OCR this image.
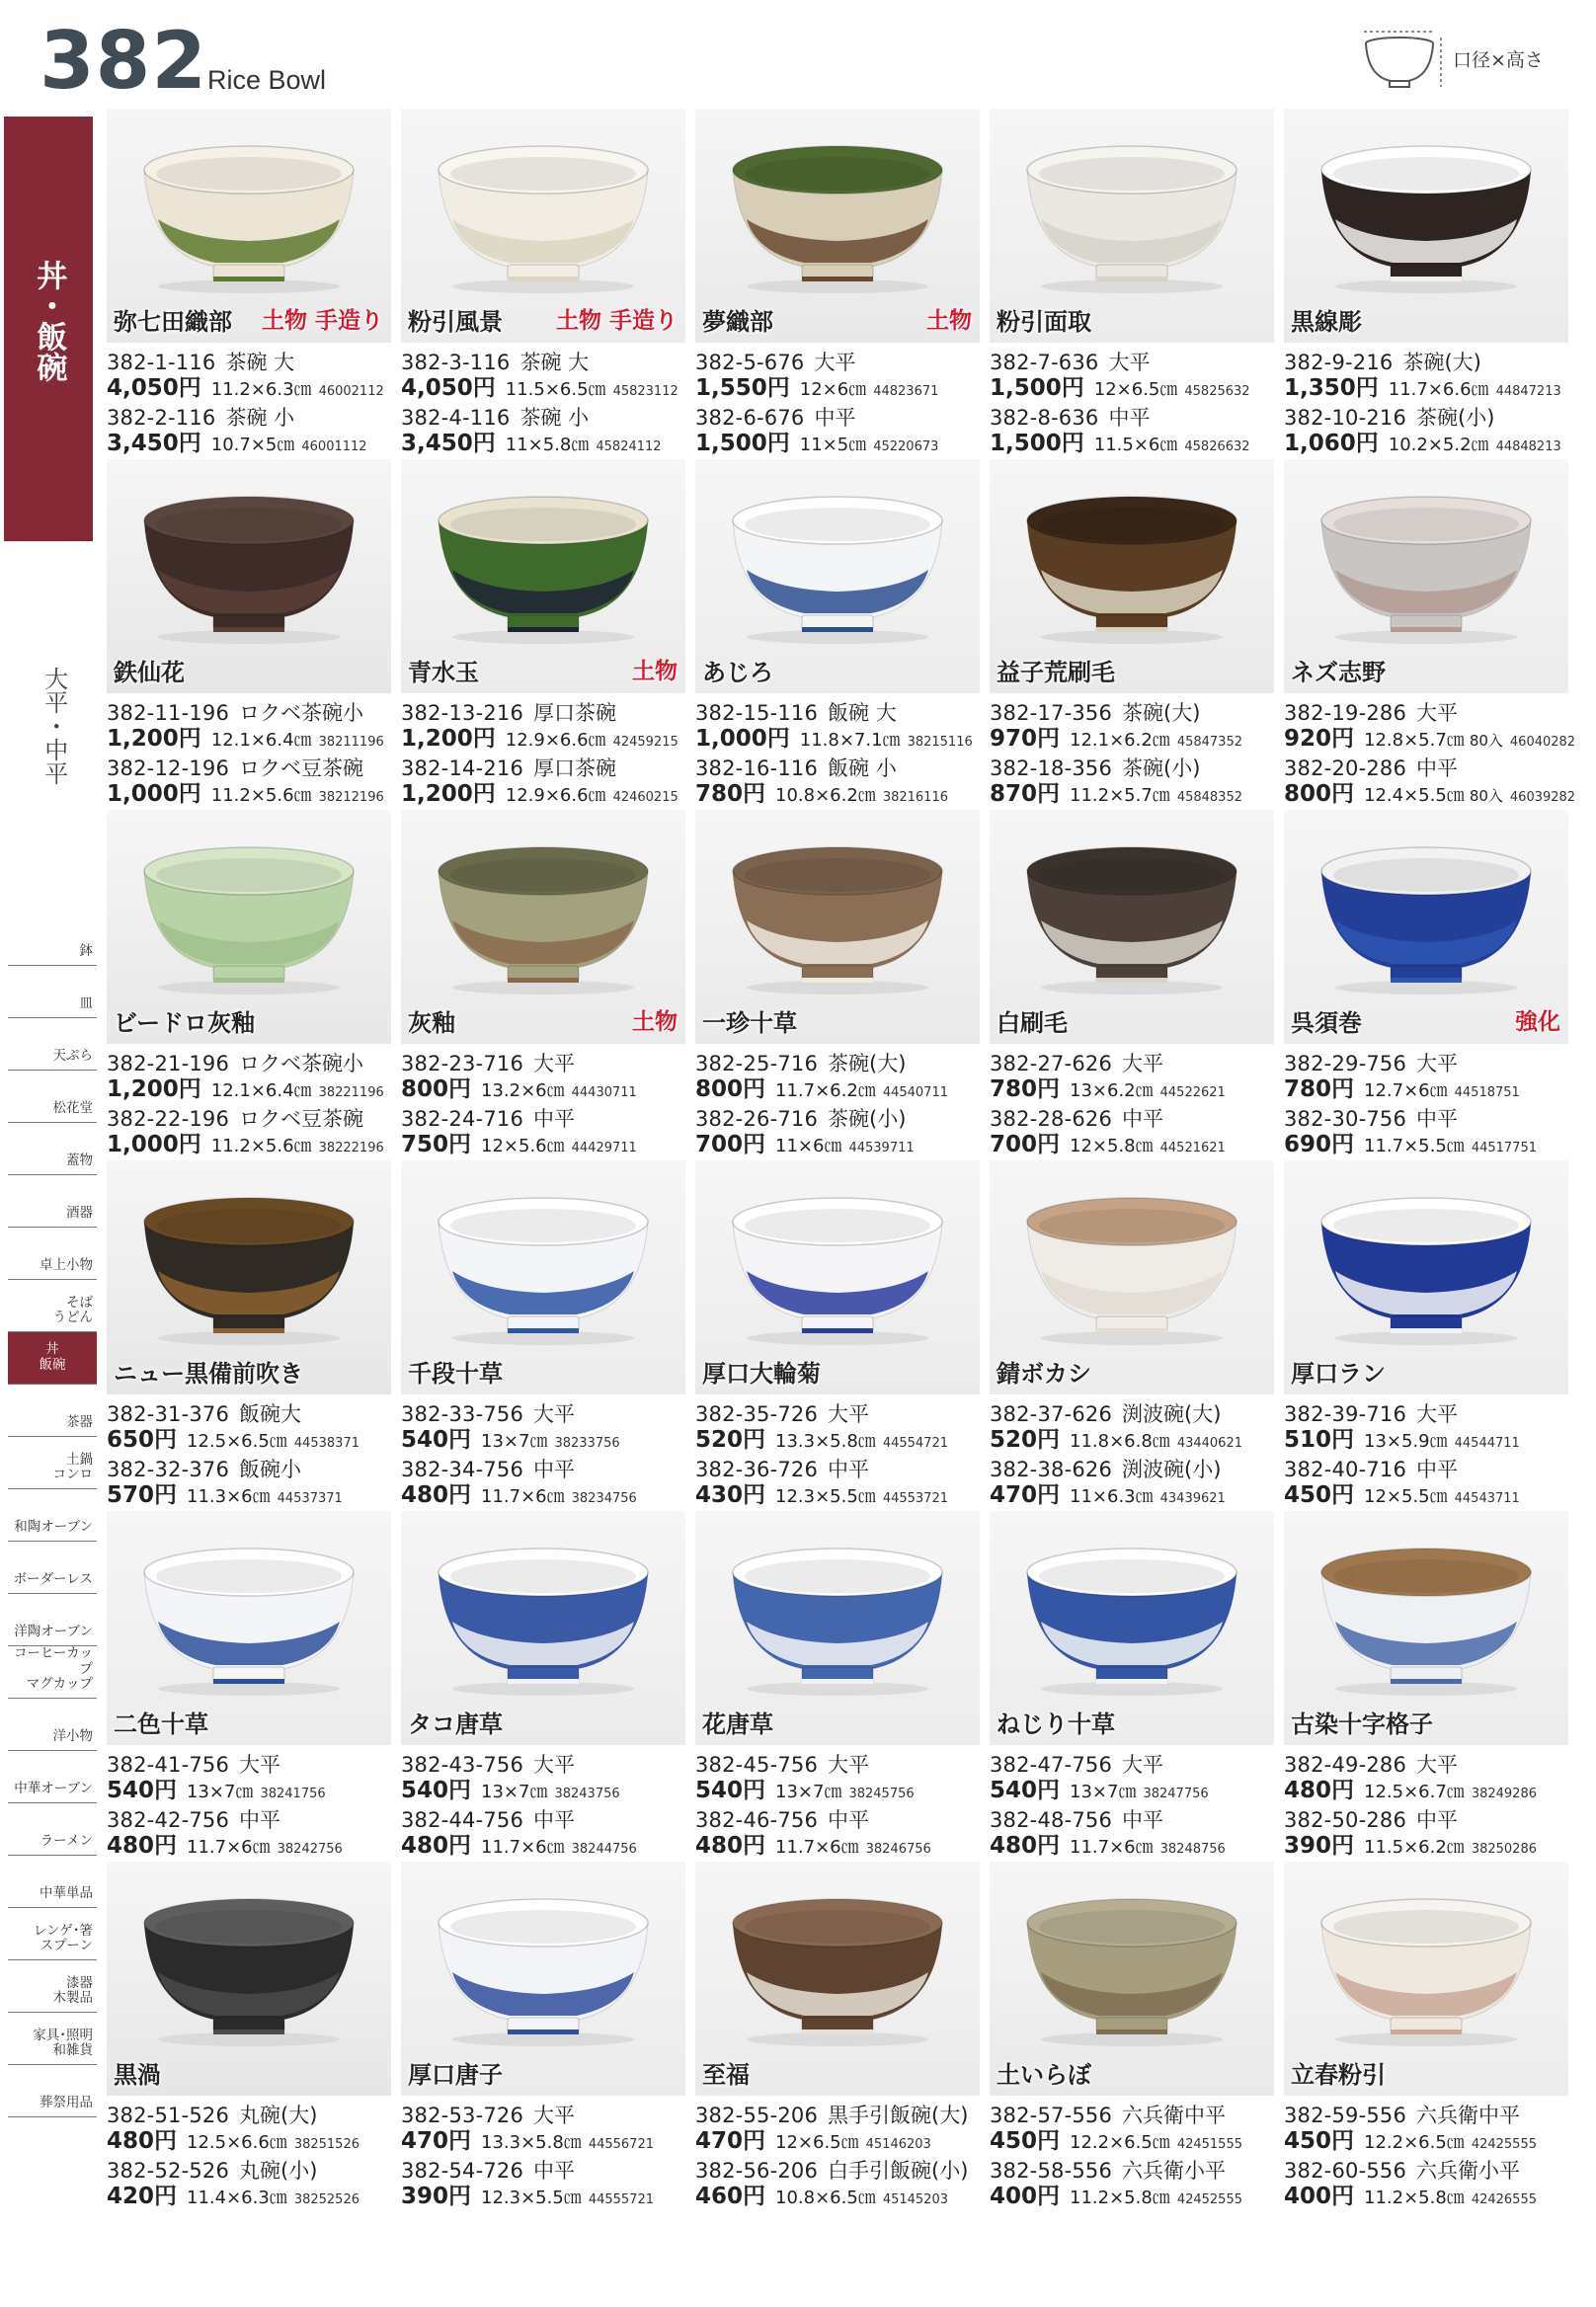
382 Rice Bowl
口径×高さ
丼・飯碗
大平・中平
鉢
皿
天ぷら
松花堂
蓋物
酒器
卓上小物
そば
うどん
丼
飯碗
茶器
土鍋
コンロ
和陶オーブン
ボーダーレス
洋陶オーブン
コーヒーカップ
マグカップ
洋小物
中華オーブン
ラーメン
中華単品
レンゲ･箸
スプーン
漆器
木製品
家具･照明
和雑貨
葬祭用品
弥七田織部 土物 手造り
382-1-116 茶碗 大
4,050円 11.2×6.3㎝ 46002112
382-2-116 茶碗 小
3,450円 10.7×5㎝ 46001112
粉引風景 土物 手造り
382-3-116 茶碗 大
4,050円 11.5×6.5㎝ 45823112
382-4-116 茶碗 小
3,450円 11×5.8㎝ 45824112
夢織部	土物
382-5-676 大平
1,550円 12×6㎝ 44823671
382-6-676 中平
1,500円 11×5㎝ 45220673
粉引面取
382-7-636 大平
1,500円 12×6.5㎝ 45825632
382-8-636 中平
1,500円 11.5×6㎝ 45826632
黒線彫
382-9-216 茶碗(大)
1,350円 11.7×6.6㎝ 44847213
382-10-216 茶碗(小)
1,060円 10.2×5.2㎝ 44848213
鉄仙花
382-11-196 ロクベ茶碗小
1,200円 12.1×6.4㎝ 38211196
382-12-196 ロクベ豆茶碗
1,000円 11.2×5.6㎝ 38212196
青水玉	土物
382-13-216 厚口茶碗
1,200円 12.9×6.6㎝ 42459215
382-14-216 厚口茶碗
1,200円 12.9×6.6㎝ 42460215
あじろ
382-15-116 飯碗 大
1,000円 11.8×7.1㎝ 38215116
382-16-116 飯碗 小
780円 10.8×6.2㎝ 38216116
益子荒刷毛
382-17-356 茶碗(大)
970円 12.1×6.2㎝ 45847352
382-18-356 茶碗(小)
870円 11.2×5.7㎝ 45848352
ネズ志野
382-19-286 大平
920円 12.8×5.7㎝ 80入 46040282
382-20-286 中平
800円 12.4×5.5㎝ 80入 46039282
ビードロ灰釉
382-21-196 ロクベ茶碗小
1,200円 12.1×6.4㎝ 38221196
382-22-196 ロクベ豆茶碗
1,000円 11.2×5.6㎝ 38222196
灰釉	土物
382-23-716 大平
800円 13.2×6㎝ 44430711
382-24-716 中平
750円 12×5.6㎝ 44429711
一珍十草
382-25-716 茶碗(大)
800円 11.7×6.2㎝ 44540711
382-26-716 茶碗(小)
700円 11×6㎝ 44539711
白刷毛
382-27-626 大平
780円 13×6.2㎝ 44522621
382-28-626 中平
700円 12×5.8㎝ 44521621
呉須巻	強化
382-29-756 大平
780円 12.7×6㎝ 44518751
382-30-756 中平
690円 11.7×5.5㎝ 44517751
ニュー黒備前吹き
382-31-376 飯碗大
650円 12.5×6.5㎝ 44538371
382-32-376 飯碗小
570円 11.3×6㎝ 44537371
千段十草
382-33-756 大平
540円 13×7㎝ 38233756
382-34-756 中平
480円 11.7×6㎝ 38234756
厚口大輪菊
382-35-726 大平
520円 13.3×5.8㎝ 44554721
382-36-726 中平
430円 12.3×5.5㎝ 44553721
錆ボカシ
382-37-626 渕波碗(大)
520円 11.8×6.8㎝ 43440621
382-38-626 渕波碗(小)
470円 11×6.3㎝ 43439621
厚口ラン
382-39-716 大平
510円 13×5.9㎝ 44544711
382-40-716 中平
450円 12×5.5㎝ 44543711
二色十草
382-41-756 大平
540円 13×7㎝ 38241756
382-42-756 中平
480円 11.7×6㎝ 38242756
タコ唐草
382-43-756 大平
540円 13×7㎝ 38243756
382-44-756 中平
480円 11.7×6㎝ 38244756
花唐草
382-45-756 大平
540円 13×7㎝ 38245756
382-46-756 中平
480円 11.7×6㎝ 38246756
ねじり十草
382-47-756 大平
540円 13×7㎝ 38247756
382-48-756 中平
480円 11.7×6㎝ 38248756
古染十字格子
382-49-286 大平
480円 12.5×6.7㎝ 38249286
382-50-286 中平
390円 11.5×6.2㎝ 38250286
黒渦
382-51-526 丸碗(大)
480円 12.5×6.6㎝ 38251526
382-52-526 丸碗(小)
420円 11.4×6.3㎝ 38252526
厚口唐子
382-53-726 大平
470円 13.3×5.8㎝ 44556721
382-54-726 中平
390円 12.3×5.5㎝ 44555721
至福
382-55-206 黒手引飯碗(大)
470円 12×6.5㎝ 45146203
382-56-206 白手引飯碗(小)
460円 10.8×6.5㎝ 45145203
土いらぼ
382-57-556 六兵衛中平
450円 12.2×6.5㎝ 42451555
382-58-556 六兵衛小平
400円 11.2×5.8㎝ 42452555
立春粉引
382-59-556 六兵衛中平
450円 12.2×6.5㎝ 42425555
382-60-556 六兵衛小平
400円 11.2×5.8㎝ 42426555
